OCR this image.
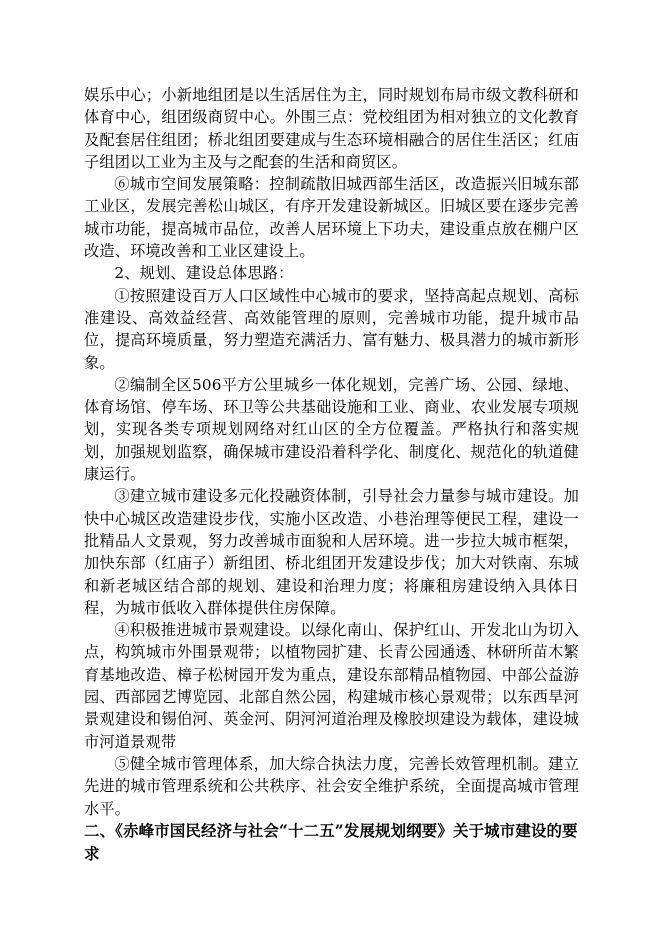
娱乐中心；小新地组团是以生活居住为主，同时规划布局市级文教科研和体育中心，组团级商贸中心。外围三点：党校组团为相对独立的文化教育及配套居住组团；桥北组团要建成与生态环境相融合的居住生活区；红庙子组团以工业为主及与之配套的生活和商贸区。

⑥城市空间发展策略：控制疏散旧城西部生活区，改造振兴旧城东部工业区，发展完善松山城区，有序开发建设新城区。旧城区要在逐步完善城市功能，提高城市品位，改善人居环境上下功夫，建设重点放在棚户区改造、环境改善和工业区建设上。

2、规划、建设总体思路：

①按照建设百万人口区域性中心城市的要求，坚持高起点规划、高标准建设、高效益经营、高效能管理的原则，完善城市功能，提升城市品位，提高环境质量，努力塑造充满活力、富有魅力、极具潜力的城市新形象。

②编制全区506平方公里城乡一体化规划，完善广场、公园、绿地、体育场馆、停车场、环卫等公共基础设施和工业、商业、农业发展专项规划，实现各类专项规划网络对红山区的全方位覆盖。严格执行和落实规划，加强规划监察，确保城市建设沿着科学化、制度化、规范化的轨道健康运行。

③建立城市建设多元化投融资体制，引导社会力量参与城市建设。加快中心城区改造建设步伐，实施小区改造、小巷治理等便民工程，建设一批精品人文景观，努力改善城市面貌和人居环境。进一步拉大城市框架，加快东部（红庙子）新组团、桥北组团开发建设步伐；加大对铁南、东城和新老城区结合部的规划、建设和治理力度；将廉租房建设纳入具体日程，为城市低收入群体提供住房保障。

④积极推进城市景观建设。以绿化南山、保护红山、开发北山为切入点，构筑城市外围景观带；以植物园扩建、长青公园通透、林研所苗木繁育基地改造、樟子松树园开发为重点，建设东部精品植物园、中部公益游园、西部园艺博览园、北部自然公园，构建城市核心景观带；以东西旱河景观建设和锡伯河、英金河、阴河河道治理及橡胶坝建设为载体，建设城市河道景观带

⑤健全城市管理体系，加大综合执法力度，完善长效管理机制。建立先进的城市管理系统和公共秩序、社会安全维护系统，全面提高城市管理水平。

二、《赤峰市国民经济与社会“十二五”发展规划纲要》关于城市建设的要求
